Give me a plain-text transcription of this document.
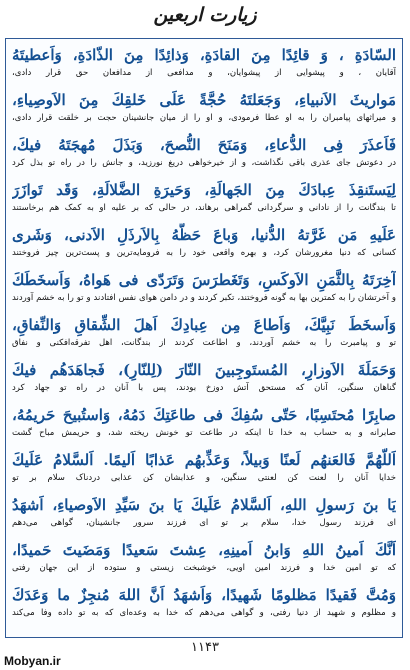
زیارت اربعین
السّادَةِ ، وَ قائِدًا مِنَ القادَةِ، وَذائِدًا مِنَ الذّادَةِ، وَاَعطیتَهُ
آقایان ، و پیشوایی از پیشوایان، و مدافعی از مدافعان حق قرار دادی،
مَواریثَ الاَنبیاءِ، وَجَعَلتَهُ حُجَّةً عَلَی خَلقِكَ مِنَ الاَوصِیاءِ،
و میراثهای پیامبران را به او عطا فرمودی، و او را از میان جانشینان حجت بر خلقت قرار دادی،
فَاَعذَرَ فِی الدُّعاءِ، وَمَنَحَ النُّصحَ، وَبَذَلَ مُهجَتَهُ فیكَ،
در دعوتش جای عذری باقی نگذاشت، و از خیرخواهی دریغ نورزید، و جانش را در راه تو بذل کرد
لِیَستَنقِذَ عِبادَكَ مِنَ الجَهالَةِ، وَحَیرَةِ الضَّلالَةِ، وَقَد تَوازَرَ
تا بندگانت را از نادانی و سرگردانی گمراهی برهاند، در حالی که بر علیه او به کمک هم برخاستند
عَلَیهِ مَن غَرَّتهُ الدُّنیا، وَباعَ حَظَّهُ بِالاَرذَلِ الاَدنی، وَشَری
کسانی که دنیا مغرورشان کرد، و بهره واقعی خود را به فرومایه‌ترین و پست‌ترین چیز فروختند
آخِرَتَهُ بِالثَّمَنِ الاَوكَسِ، وَتَغَطرَسَ وَتَرَدّی فی هَواهُ، وَاَسخَطَكَ
و آخرتشان را به کمترین بها به گونه فروختند، تکبر کردند و در دامن هوای نفس افتادند و تو را به خشم آوردند
وَاَسخَطَ نَبِیَّكَ، وَاَطاعَ مِن عِبادِكَ اَهلَ الشِّقاقِ وَالنِّفاقِ،
تو و پیامبرت را به خشم آوردند، و اطاعت کردند از بندگانت، اهل تفرقه‌افکنی و نفاق
وَحَمَلَةَ الاَوزارِ، المُستَوجِبینَ النّارَ (لِلنّارِ)، فَجاهَدَهُم فیكَ
گناهان سنگین، آنان که مستحق آتش دوزخ بودند، پس با آنان در راه تو جهاد کرد
صابِرًا مُحتَسِبًا، حَتّی سُفِكَ فی طاعَتِكَ دَمُهُ، وَاستُبیحَ حَریمُهُ،
صابرانه و به حساب به خدا تا اینکه در طاعت تو خونش ریخته شد، و حریمش مباح گشت
اَللّهُمَّ فَالعَنهُم لَعنًا وَبیلاً، وَعَذِّبهُم عَذابًا اَلیمًا. اَلسَّلامُ عَلَیكَ
خدایا آنان را لعنت کن لعنتی سنگین، و عذابشان کن عذابی دردناک سلام بر تو
یَا بنَ رَسولِ اللهِ، اَلسَّلامُ عَلَیكَ یَا بنَ سَیِّدِ الاَوصیاءِ، اَشهَدُ
ای فرزند رسول خدا، سلام بر تو ای فرزند سرور جانشینان، گواهی می‌دهم
اَنَّكَ اَمینُ اللهِ وَابنُ اَمینِهِ، عِشتَ سَعیدًا وَمَضَیتَ حَمیدًا،
که تو امین خدا و فرزند امین اویی، خوشبخت زیستی و ستوده از این جهان رفتی
وَمُتَّ فَقیدًا مَظلومًا شَهیدًا، وَاَشهَدُ اَنَّ اللهَ مُنجِزٌ ما وَعَدَكَ
و مظلوم و شهید از دنیا رفتی، و گواهی می‌دهم که خدا به وعده‌ای که به تو داده وفا می‌کند
۱۱۴۳
Mobyan.ir
